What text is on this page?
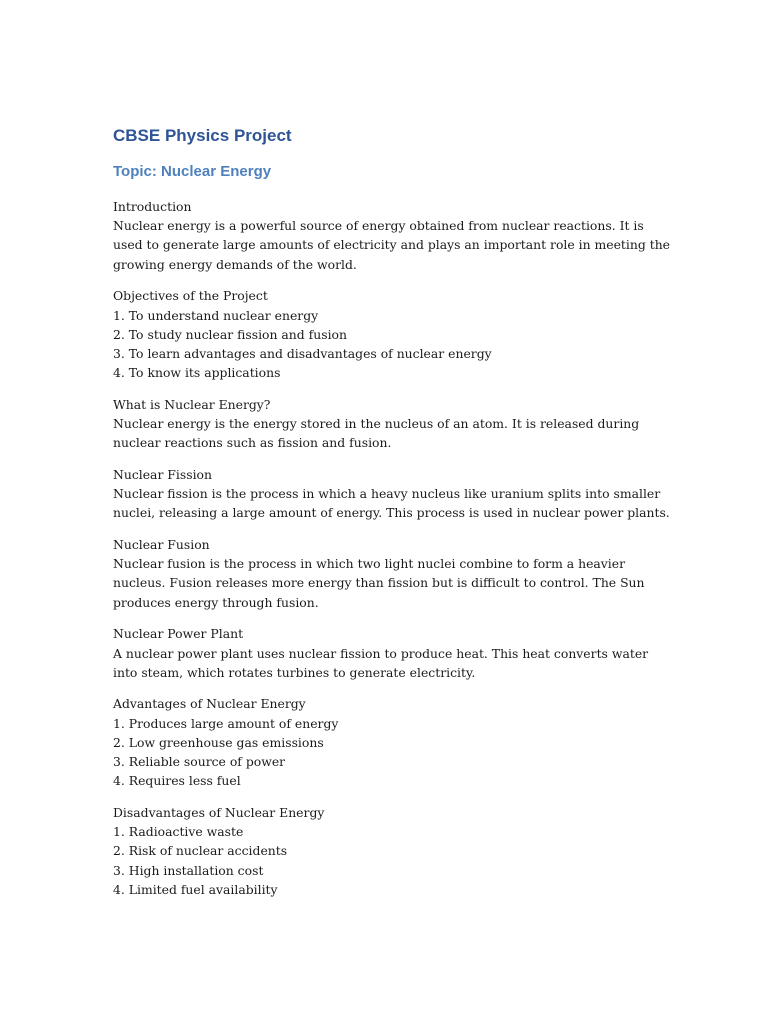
CBSE Physics Project
Topic: Nuclear Energy
Introduction

Nuclear energy is a powerful source of energy obtained from nuclear reactions. It is used to generate large amounts of electricity and plays an important role in meeting the growing energy demands of the world.

Objectives of the Project
1. To understand nuclear energy
2. To study nuclear fission and fusion
3. To learn advantages and disadvantages of nuclear energy
4. To know its applications
What is Nuclear Energy?

Nuclear energy is the energy stored in the nucleus of an atom. It is released during nuclear reactions such as fission and fusion.

Nuclear Fission

Nuclear fission is the process in which a heavy nucleus like uranium splits into smaller nuclei, releasing a large amount of energy. This process is used in nuclear power plants.

Nuclear Fusion

Nuclear fusion is the process in which two light nuclei combine to form a heavier nucleus. Fusion releases more energy than fission but is difficult to control. The Sun produces energy through fusion.

Nuclear Power Plant

A nuclear power plant uses nuclear fission to produce heat. This heat converts water into steam, which rotates turbines to generate electricity.

Advantages of Nuclear Energy
1. Produces large amount of energy
2. Low greenhouse gas emissions
3. Reliable source of power
4. Requires less fuel
Disadvantages of Nuclear Energy
1. Radioactive waste
2. Risk of nuclear accidents
3. High installation cost
4. Limited fuel availability
